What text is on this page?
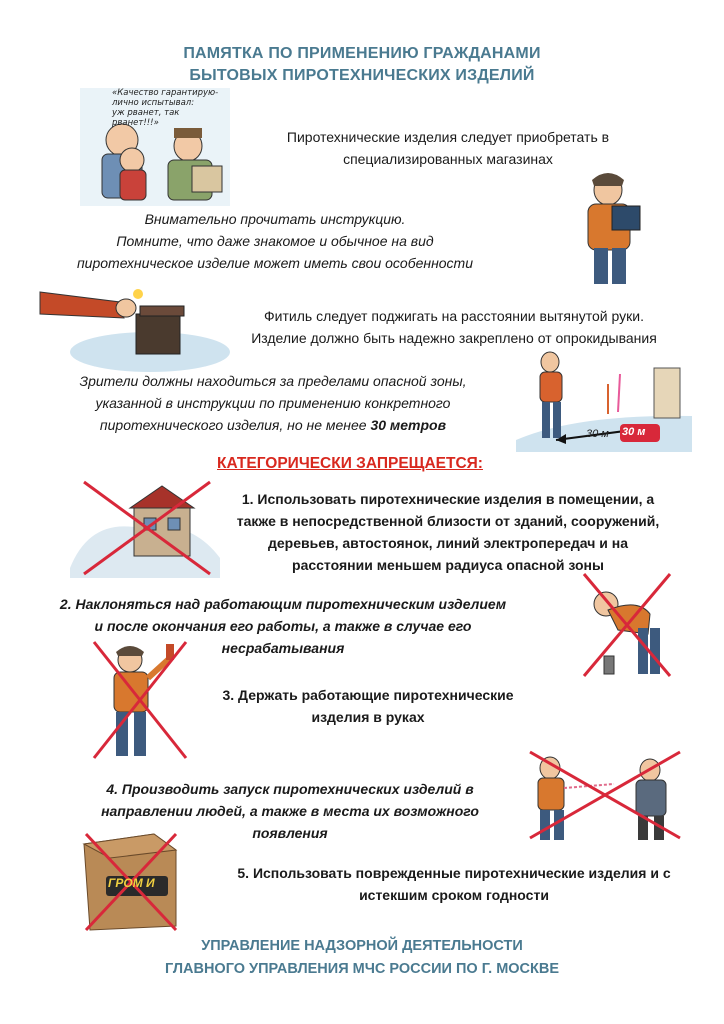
ПАМЯТКА ПО ПРИМЕНЕНИЮ ГРАЖДАНАМИ
БЫТОВЫХ ПИРОТЕХНИЧЕСКИХ ИЗДЕЛИЙ
«Качество гарантирую-
лично испытывал:
уж рванет, так
рванет!!!»
Пиротехнические изделия следует приобретать в
специализированных магазинах
Внимательно прочитать инструкцию.
Помните, что даже знакомое и обычное на вид
пиротехническое изделие может иметь свои особенности
Фитиль следует поджигать на расстоянии вытянутой руки.
Изделие должно быть надежно закреплено от опрокидывания
Зрители должны находиться за пределами опасной зоны,
указанной в инструкции по применению конкретного
пиротехнического изделия, но не менее 30 метров
30 м 30 м
КАТЕГОРИЧЕСКИ ЗАПРЕЩАЕТСЯ:
1. Использовать пиротехнические изделия в помещении, а
также в непосредственной близости от зданий, сооружений,
деревьев, автостоянок, линий электропередач и на
расстоянии меньшем радиуса опасной зоны
2. Наклоняться над работающим пиротехническим изделием
и после окончания его работы, а также в случае его
несрабатывания
3. Держать работающие пиротехнические
изделия в руках
4. Производить запуск пиротехнических изделий в
направлении людей, а также в места их возможного
появления
ГРОМ И
5. Использовать поврежденные пиротехнические изделия и с
истекшим сроком годности
УПРАВЛЕНИЕ НАДЗОРНОЙ ДЕЯТЕЛЬНОСТИ
ГЛАВНОГО УПРАВЛЕНИЯ МЧС РОССИИ ПО Г. МОСКВЕ
